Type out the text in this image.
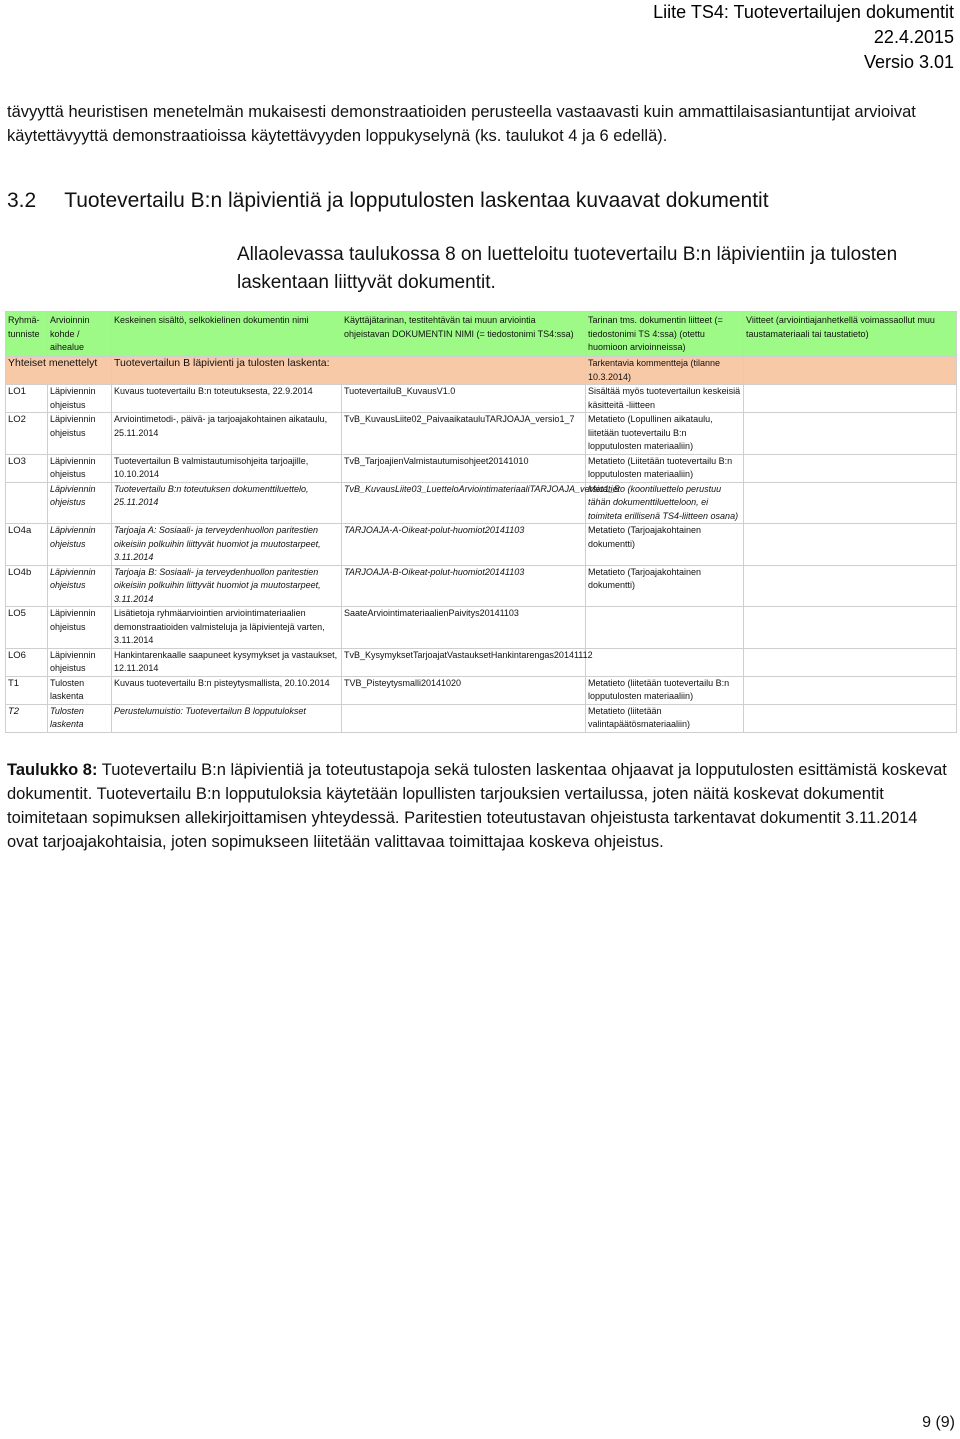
Liite TS4: Tuotevertailujen dokumentit
22.4.2015
Versio 3.01

tävyyttä heuristisen menetelmän mukaisesti demonstraatioiden perusteella vastaavasti kuin ammattilaisasiantuntijat arvioivat käytettävyyttä demonstraatioissa käytettävyyden loppukyselynä (ks. taulukot 4 ja 6 edellä).

3.2 Tuotevertailu B:n läpivientiä ja lopputulosten laskentaa kuvaavat dokumentit

Allaolevassa taulukossa 8 on luetteloitu tuotevertailu B:n läpivientiin ja tulosten laskentaan liittyvät dokumentit.

Ryhmä-tunniste	Arvioinnin kohde / aihealue	Keskeinen sisältö, selkokielinen dokumentin nimi	Käyttäjätarinan, testitehtävän tai muun arviointia ohjeistavan DOKUMENTIN NIMI (= tiedostonimi TS4:ssa)	Tarinan tms. dokumentin liitteet (= tiedostonimi TS 4:ssa) (otettu huomioon arvioinneissa)	Viitteet (arviointiajanhetkellä voimassaollut muu taustamateriaali tai taustatieto)
Yhteiset menettelyt		Tuotevertailun B läpivienti ja tulosten laskenta:		Tarkentavia kommentteja (tilanne 10.3.2014)	
LO1	Läpiviennin ohjeistus	Kuvaus tuotevertailu B:n toteutuksesta, 22.9.2014	TuotevertailuB_KuvausV1.0	Sisältää myös tuotevertailun keskeisiä käsitteitä -liitteen	
LO2	Läpiviennin ohjeistus	Arviointimetodi-, päivä- ja tarjoajakohtainen aikataulu, 25.11.2014	TvB_KuvausLiite02_PaivaaikatauluTARJOAJA_versio1_7	Metatieto (Lopullinen aikataulu, liitetään tuotevertailu B:n lopputulosten materiaaliin)	
LO3	Läpiviennin ohjeistus	Tuotevertailun B valmistautumisohjeita tarjoajille, 10.10.2014	TvB_TarjoajienValmistautumisohjeet20141010	Metatieto (Liitetään tuotevertailu B:n lopputulosten materiaaliin)	
	Läpiviennin ohjeistus	Tuotevertailu B:n toteutuksen dokumenttiluettelo, 25.11.2014	TvB_KuvausLiite03_LuetteloArviointimateriaaliTARJOAJA_versio1_5	Metatieto (koontiluettelo perustuu tähän dokumenttiluetteloon, ei toimiteta erillisenä TS4-liitteen osana)	
LO4a	Läpiviennin ohjeistus	Tarjoaja A: Sosiaali- ja terveydenhuollon paritestien oikeisiin polkuihin liittyvät huomiot ja muutostarpeet, 3.11.2014	TARJOAJA-A-Oikeat-polut-huomiot20141103	Metatieto (Tarjoajakohtainen dokumentti)	
LO4b	Läpiviennin ohjeistus	Tarjoaja B: Sosiaali- ja terveydenhuollon paritestien oikeisiin polkuihin liittyvät huomiot ja muutostarpeet, 3.11.2014	TARJOAJA-B-Oikeat-polut-huomiot20141103	Metatieto (Tarjoajakohtainen dokumentti)	
LO5	Läpiviennin ohjeistus	Lisätietoja ryhmäarviointien arviointimateriaalien demonstraatioiden valmisteluja ja läpivientejä varten, 3.11.2014	SaateArviointimateriaalienPaivitys20141103		
LO6	Läpiviennin ohjeistus	Hankintarenkaalle saapuneet kysymykset ja vastaukset, 12.11.2014	TvB_KysymyksetTarjoajatVastauksetHankintarengas20141112		
T1	Tulosten laskenta	Kuvaus tuotevertailu B:n pisteytysmallista, 20.10.2014	TVB_Pisteytysmalli20141020	Metatieto (liitetään tuotevertailu B:n lopputulosten materiaaliin)	
T2	Tulosten laskenta	Perustelumuistio: Tuotevertailun B lopputulokset		Metatieto (liitetään valintapäätösmateriaaliin)	

Taulukko 8: Tuotevertailu B:n läpivientiä ja toteutustapoja sekä tulosten laskentaa ohjaavat ja lopputulosten esittämistä koskevat dokumentit. Tuotevertailu B:n lopputuloksia käytetään lopullisten tarjouksien vertailussa, joten näitä koskevat dokumentit toimitetaan sopimuksen allekirjoittamisen yhteydessä. Paritestien toteutustavan ohjeistusta tarkentavat dokumentit 3.11.2014 ovat tarjoajakohtaisia, joten sopimukseen liitetään valittavaa toimittajaa koskeva ohjeistus.

9 (9)
